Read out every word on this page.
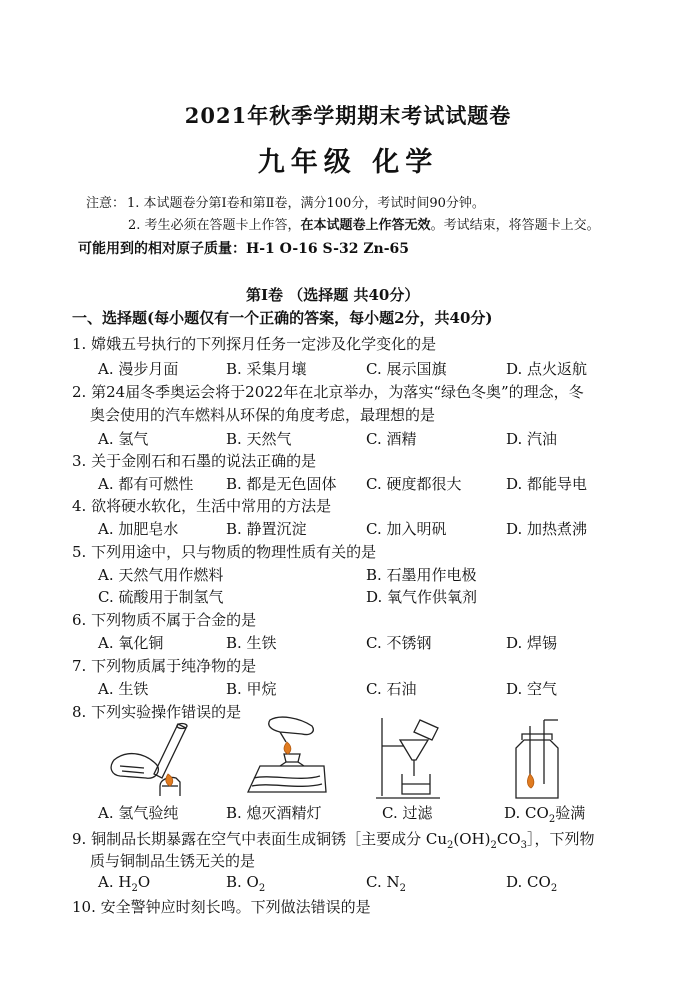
2021年秋季学期期末考试试题卷
九年级 化学
注意： 1. 本试题卷分第Ⅰ卷和第Ⅱ卷，满分100分，考试时间90分钟。
2. 考生必须在答题卡上作答，在本试题卷上作答无效。考试结束，将答题卡上交。
可能用到的相对原子质量：H-1 O-16 S-32 Zn-65
第Ⅰ卷 （选择题 共40分）
一、选择题(每小题仅有一个正确的答案，每小题2分，共40分)
1. 嫦娥五号执行的下列探月任务一定涉及化学变化的是
A. 漫步月面	B. 采集月壤	C. 展示国旗	D. 点火返航
2. 第24届冬季奥运会将于2022年在北京举办，为落实“绿色冬奥”的理念，冬
奥会使用的汽车燃料从环保的角度考虑，最理想的是
A. 氢气	B. 天然气	C. 酒精	D. 汽油
3. 关于金刚石和石墨的说法正确的是
A. 都有可燃性 B. 都是无色固体 C. 硬度都很大	D. 都能导电
4. 欲将硬水软化，生活中常用的方法是
A. 加肥皂水	B. 静置沉淀	C. 加入明矾	D. 加热煮沸
5. 下列用途中，只与物质的物理性质有关的是
A. 天然气用作燃料	B. 石墨用作电极
C. 硫酸用于制氢气	D. 氧气作供氧剂
6. 下列物质不属于合金的是
A. 氧化铜	B. 生铁	C. 不锈钢	D. 焊锡
7. 下列物质属于纯净物的是
A. 生铁	B. 甲烷	C. 石油	D. 空气
8. 下列实验操作错误的是
A. 氢气验纯	B. 熄灭酒精灯	C. 过滤	D. $CO_2$验满
9. 铜制品长期暴露在空气中表面生成铜锈［主要成分 $Cu_2(OH)_2CO_3]$，下列物
质与铜制品生锈无关的是
A. $H_2O$	B. $O_2$	C. $N_2$	D. $CO_2$
10. 安全警钟应时刻长鸣。下列做法错误的是
